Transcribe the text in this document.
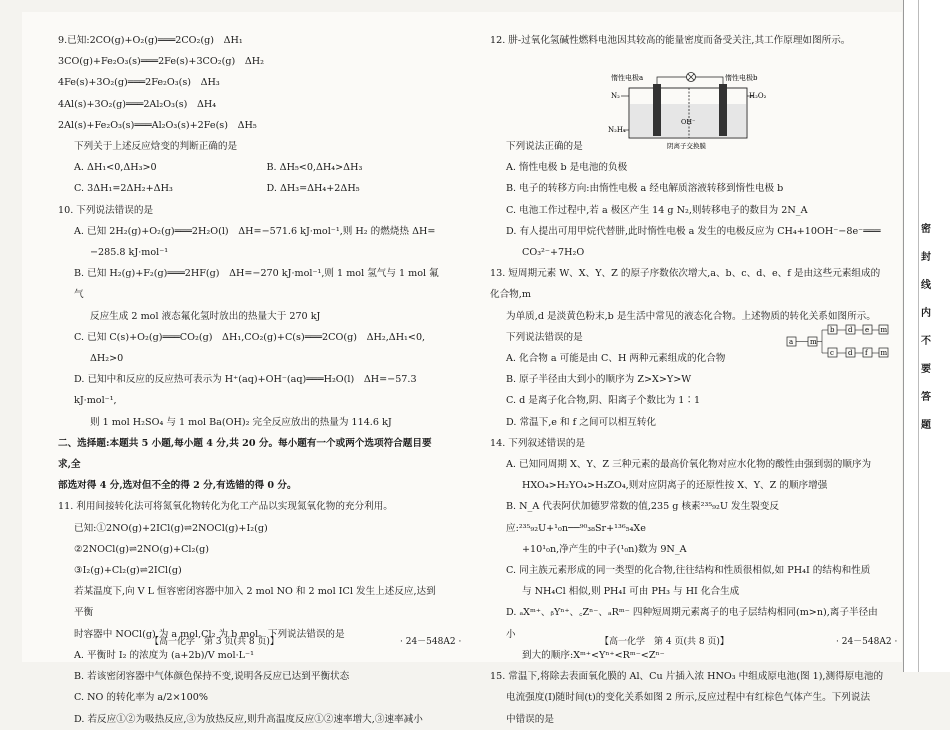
9.已知:2CO(g)+O₂(g)═══2CO₂(g)　ΔH₁
3CO(g)+Fe₂O₃(s)═══2Fe(s)+3CO₂(g)　ΔH₂
4Fe(s)+3O₂(g)═══2Fe₂O₃(s)　ΔH₃
4Al(s)+3O₂(g)═══2Al₂O₃(s)　ΔH₄
2Al(s)+Fe₂O₃(s)═══Al₂O₃(s)+2Fe(s)　ΔH₅
下列关于上述反应焓变的判断正确的是
A. ΔH₁<0,ΔH₃>0	B. ΔH₅<0,ΔH₄>ΔH₃
C. 3ΔH₁=2ΔH₂+ΔH₃	D. ΔH₃=ΔH₄+2ΔH₅
10. 下列说法错误的是
A. 已知 2H₂(g)+O₂(g)═══2H₂O(l)　ΔH=−571.6 kJ·mol⁻¹,则 H₂ 的燃烧热 ΔH=
−285.8 kJ·mol⁻¹
B. 已知 H₂(g)+F₂(g)═══2HF(g)　ΔH=−270 kJ·mol⁻¹,则 1 mol 氢气与 1 mol 氟气
反应生成 2 mol 液态氟化氢时放出的热量大于 270 kJ
C. 已知 C(s)+O₂(g)═══CO₂(g)　ΔH₁,CO₂(g)+C(s)═══2CO(g)　ΔH₂,ΔH₁<0,
ΔH₂>0
D. 已知中和反应的反应热可表示为 H⁺(aq)+OH⁻(aq)═══H₂O(l)　ΔH=−57.3 kJ·mol⁻¹,
则 1 mol H₂SO₄ 与 1 mol Ba(OH)₂ 完全反应放出的热量为 114.6 kJ
二、选择题:本题共 5 小题,每小题 4 分,共 20 分。每小题有一个或两个选项符合题目要求,全
部选对得 4 分,选对但不全的得 2 分,有选错的得 0 分。
11. 利用间接转化法可将氮氧化物转化为化工产品以实现氮氧化物的充分利用。
已知:①2NO(g)+2ICl(g)⇌2NOCl(g)+I₂(g)
②2NOCl(g)⇌2NO(g)+Cl₂(g)
③I₂(g)+Cl₂(g)⇌2ICl(g)
若某温度下,向 V L 恒容密闭容器中加入 2 mol NO 和 2 mol ICl 发生上述反应,达到平衡
时容器中 NOCl(g) 为 a mol,Cl₂ 为 b mol。下列说法错误的是
A. 平衡时 I₂ 的浓度为 (a+2b)/V mol·L⁻¹
B. 若该密闭容器中气体颜色保持不变,说明各反应已达到平衡状态
C. NO 的转化率为 a/2×100%
D. 若反应①②为吸热反应,③为放热反应,则升高温度反应①②速率增大,③速率减小
12. 肼-过氧化氢碱性燃料电池因其较高的能量密度而备受关注,其工作原理如图所示。

下列说法正确的是
A. 惰性电极 b 是电池的负极
B. 电子的转移方向:由惰性电极 a 经电解质溶液转移到惰性电极 b
C. 电池工作过程中,若 a 极区产生 14 g N₂,则转移电子的数目为 2N_A
D. 有人提出可用甲烷代替肼,此时惰性电极 a 发生的电极反应为 CH₄+10OH⁻−8e⁻═══
CO₃²⁻+7H₂O
13. 短周期元素 W、X、Y、Z 的原子序数依次增大,a、b、c、d、e、f 是由这些元素组成的化合物,m
为单质,d 是淡黄色粉末,b 是生活中常见的液态化合物。上述物质的转化关系如图所示。
下列说法错误的是
A. 化合物 a 可能是由 C、H 两种元素组成的化合物
B. 原子半径由大到小的顺序为 Z>X>Y>W
C. d 是离子化合物,阴、阳离子个数比为 1∶1
D. 常温下,e 和 f 之间可以相互转化
14. 下列叙述错误的是
A. 已知同周期 X、Y、Z 三种元素的最高价氧化物对应水化物的酸性由强到弱的顺序为
HXO₄>H₂YO₄>H₃ZO₄,则对应阴离子的还原性按 X、Y、Z 的顺序增强
B. N_A 代表阿伏加德罗常数的值,235 g 核素²³⁵₉₂U 发生裂变反应:²³⁵₉₂U+¹₀n──⁹⁰₃₈Sr+¹³⁶₅₄Xe
+10¹₀n,净产生的中子(¹₀n)数为 9N_A
C. 同主族元素形成的同一类型的化合物,往往结构和性质很相似,如 PH₄I 的结构和性质
与 NH₄Cl 相似,则 PH₄I 可由 PH₃ 与 HI 化合生成
D. ₐXᵐ⁺、ᵦYⁿ⁺、꜀Zⁿ⁻、ₐRᵐ⁻ 四种短周期元素离子的电子层结构相同(m>n),离子半径由小
到大的顺序:Xᵐ⁺<Yⁿ⁺<Rᵐ⁻<Zⁿ⁻
15. 常温下,将除去表面氧化膜的 Al、Cu 片插入浓 HNO₃ 中组成原电池(图 1),测得原电池的
电流强度(I)随时间(t)的变化关系如图 2 所示,反应过程中有红棕色气体产生。下列说法
中错误的是
惰性电极a	惰性电极b
OH⁻
N₂
N₂H₄
H₂O₂
阴离子交换膜
a m
b
c
d
d
e
f
m
m
【高一化学　第 3 页(共 8 页)】	· 24－548A2 ·	【高一化学　第 4 页(共 8 页)】	· 24－548A2 ·
密
封
线
内
不
要
答
题
